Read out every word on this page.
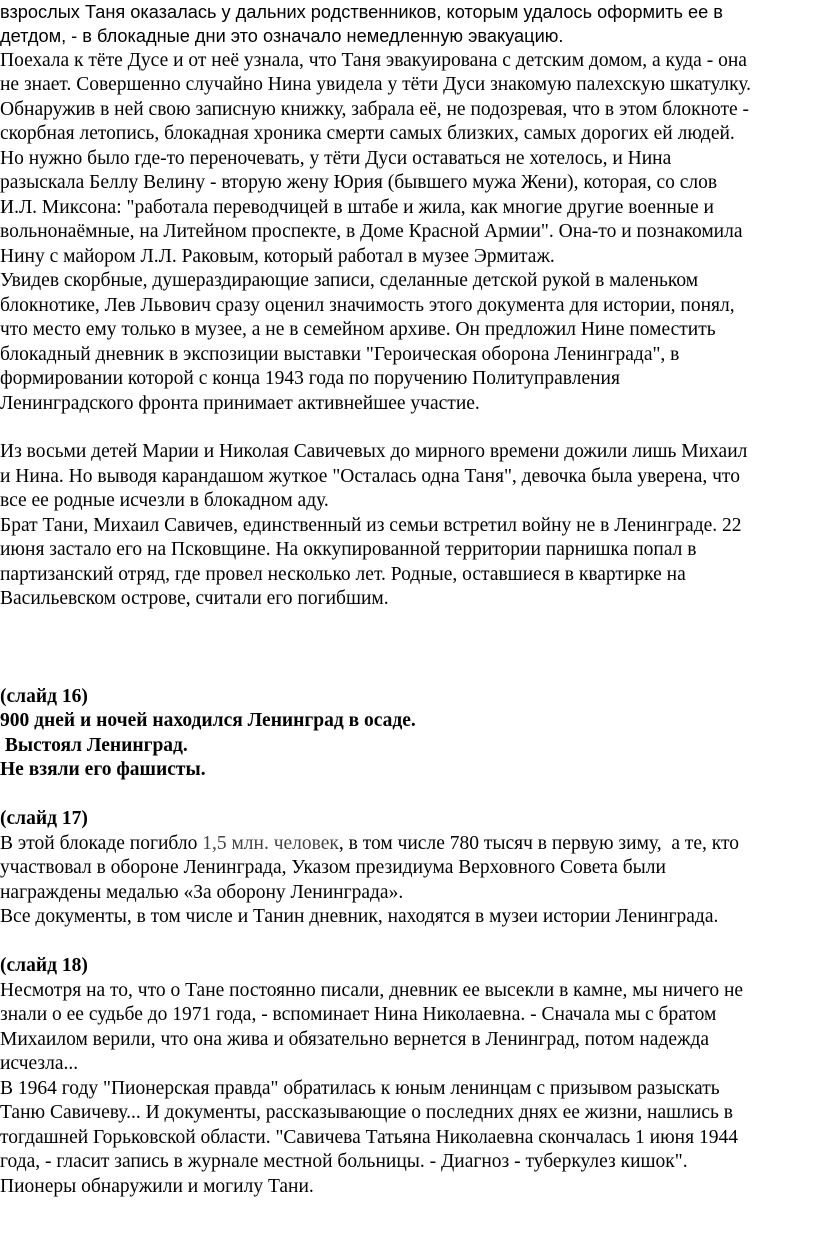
взрослых Таня оказалась у дальних родственников, которым удалось оформить ее в
детдом, - в блокадные дни это означало немедленную эвакуацию.
Поехала к тёте Дусе и от неё узнала, что Таня эвакуирована с детским домом, а куда - она
не знает. Совершенно случайно Нина увидела у тёти Дуси знакомую палехскую шкатулку.
Обнаружив в ней свою записную книжку, забрала её, не подозревая, что в этом блокноте -
скорбная летопись, блокадная хроника смерти самых близких, самых дорогих ей людей.
Но нужно было где-то переночевать, у тёти Дуси оставаться не хотелось, и Нина
разыскала Беллу Велину - вторую жену Юрия (бывшего мужа Жени), которая, со слов
И.Л. Миксона: "работала переводчицей в штабе и жила, как многие другие военные и
вольнонаёмные, на Литейном проспекте, в Доме Красной Армии". Она-то и познакомила
Нину с майором Л.Л. Раковым, который работал в музее Эрмитаж.
Увидев скорбные, душераздирающие записи, сделанные детской рукой в маленьком
блокнотике, Лев Львович сразу оценил значимость этого документа для истории, понял,
что место ему только в музее, а не в семейном архиве. Он предложил Нине поместить
блокадный дневник в экспозиции выставки "Героическая оборона Ленинграда", в
формировании которой с конца 1943 года по поручению Политуправления
Ленинградского фронта принимает активнейшее участие.
Из восьми детей Марии и Николая Савичевых до мирного времени дожили лишь Михаил
и Нина. Но выводя карандашом жуткое "Осталась одна Таня", девочка была уверена, что
все ее родные исчезли в блокадном аду.
Брат Тани, Михаил Савичев, единственный из семьи встретил войну не в Ленинграде. 22
июня застало его на Псковщине. На оккупированной территории парнишка попал в
партизанский отряд, где провел несколько лет. Родные, оставшиеся в квартирке на
Васильевском острове, считали его погибшим.
(слайд 16)
900 дней и ночей находился Ленинград в осаде.
Выстоял Ленинград.
Не взяли его фашисты.
(слайд 17)
В этой блокаде погибло 1,5 млн. человек, в том числе 780 тысяч в первую зиму,  а те, кто
участвовал в обороне Ленинграда, Указом президиума Верховного Совета были
награждены медалью «За оборону Ленинграда».
Все документы, в том числе и Танин дневник, находятся в музеи истории Ленинграда.
(слайд 18)
Несмотря на то, что о Тане постоянно писали, дневник ее высекли в камне, мы ничего не
знали о ее судьбе до 1971 года, - вспоминает Нина Николаевна. - Сначала мы с братом
Михаилом верили, что она жива и обязательно вернется в Ленинград, потом надежда
исчезла...
В 1964 году "Пионерская правда" обратилась к юным ленинцам с призывом разыскать
Таню Савичеву... И документы, рассказывающие о последних днях ее жизни, нашлись в
тогдашней Горьковской области. "Савичева Татьяна Николаевна скончалась 1 июня 1944
года, - гласит запись в журнале местной больницы. - Диагноз - туберкулез кишок".
Пионеры обнаружили и могилу Тани.
